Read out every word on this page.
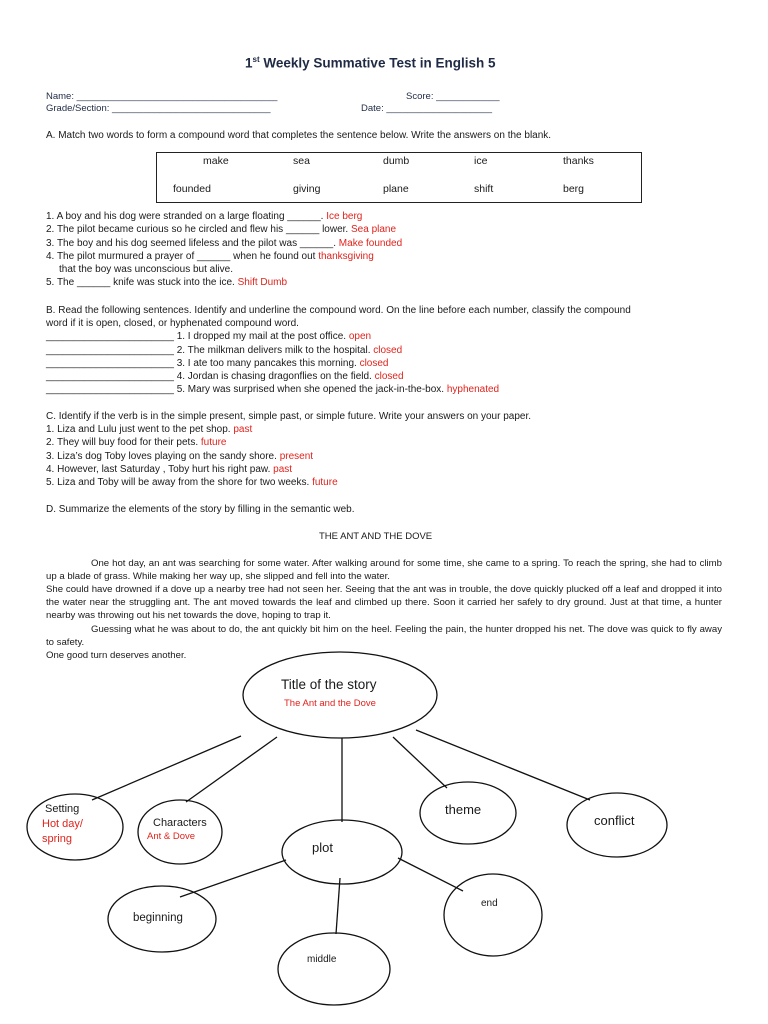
1st Weekly Summative Test in English 5
Name: ______________________________________	Score: ____________
Grade/Section: ______________________________	Date: ____________________
A. Match two words to form a compound word that completes the sentence below. Write the answers on the blank.
make	sea	dumb	ice	thanks
founded	giving	plane	shift	berg
1. A boy and his dog were stranded on a large floating ______. Ice berg
2. The pilot became curious so he circled and flew his ______ lower. Sea plane
3. The boy and his dog seemed lifeless and the pilot was ______. Make founded
4. The pilot murmured a prayer of ______ when he found out thanksgiving
that the boy was unconscious but alive.
5. The ______ knife was stuck into the ice. Shift Dumb
B. Read the following sentences. Identify and underline the compound word. On the line before each number, classify the compound
word if it is open, closed, or hyphenated compound word.
_______________________ 1. I dropped my mail at the post office. open
_______________________ 2. The milkman delivers milk to the hospital. closed
_______________________ 3. I ate too many pancakes this morning. closed
_______________________ 4. Jordan is chasing dragonflies on the field. closed
_______________________ 5. Mary was surprised when she opened the jack-in-the-box. hyphenated
C. Identify if the verb is in the simple present, simple past, or simple future. Write your answers on your paper.
1. Liza and Lulu just went to the pet shop. past
2. They will buy food for their pets. future
3. Liza’s dog Toby loves playing on the sandy shore. present
4. However, last Saturday , Toby hurt his right paw. past
5. Liza and Toby will be away from the shore for two weeks. future
D. Summarize the elements of the story by filling in the semantic web.
THE ANT AND THE DOVE
One hot day, an ant was searching for some water. After walking around for some time, she came to a spring. To reach the spring, she had to climb up a blade of grass. While making her way up, she slipped and fell into the water.
She could have drowned if a dove up a nearby tree had not seen her. Seeing that the ant was in trouble, the dove quickly plucked off a leaf and dropped it into the water near the struggling ant. The ant moved towards the leaf and climbed up there. Soon it carried her safely to dry ground. Just at that time, a hunter nearby was throwing out his net towards the dove, hoping to trap it.
Guessing what he was about to do, the ant quickly bit him on the heel. Feeling the pain, the hunter dropped his net. The dove was quick to fly away to safety.
One good turn deserves another.
Title of the story
The Ant and the Dove
Setting
Hot day/
spring
Characters
Ant & Dove
theme
conflict
plot
beginning
end
middle
